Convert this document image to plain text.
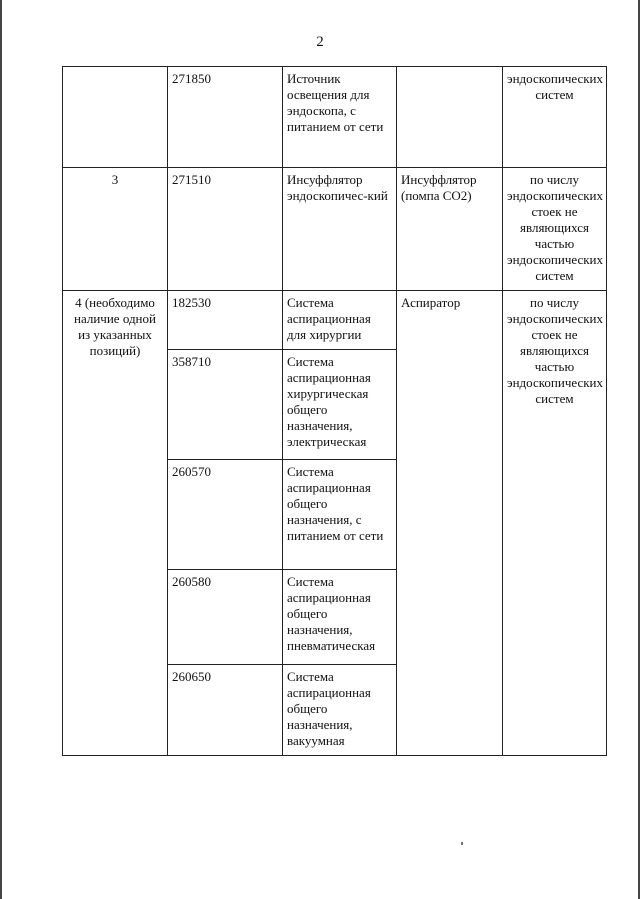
2
	271850	Источник освещения для эндоскопа, с питанием от сети		эндоскопических систем
3	271510	Инсуффлятор эндоскопичес-кий	Инсуффлятор (помпа СО2)	по числу эндоскопических стоек не являющихся частью эндоскопических систем
4 (необходимо наличие одной из указанных позиций)	182530	Система аспирационная для хирургии	Аспиратор	по числу эндоскопических стоек не являющихся частью эндоскопических систем
	358710	Система аспирационная хирургическая общего назначения, электрическая		
	260570	Система аспирационная общего назначения, с питанием от сети		
	260580	Система аспирационная общего назначения, пневматическая		
	260650	Система аспирационная общего назначения, вакуумная		
